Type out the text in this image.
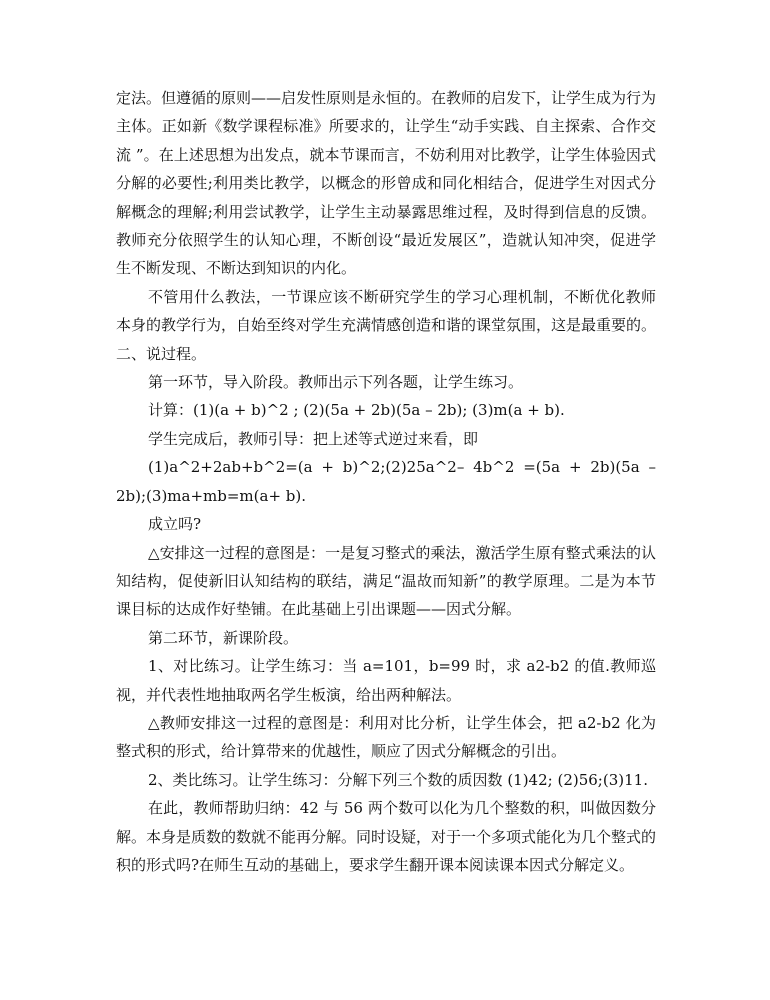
定法。但遵循的原则——启发性原则是永恒的。在教师的启发下，让学生成为行为主体。正如新《数学课程标准》所要求的，让学生“动手实践、自主探索、合作交流 ”。在上述思想为出发点，就本节课而言，不妨利用对比教学，让学生体验因式分解的必要性;利用类比教学，以概念的形曾成和同化相结合，促进学生对因式分解概念的理解;利用尝试教学，让学生主动暴露思维过程，及时得到信息的反馈。教师充分依照学生的认知心理，不断创设“最近发展区”，造就认知冲突，促进学生不断发现、不断达到知识的内化。

不管用什么教法，一节课应该不断研究学生的学习心理机制，不断优化教师本身的教学行为，自始至终对学生充满情感创造和谐的课堂氛围，这是最重要的。二、说过程。

第一环节，导入阶段。教师出示下列各题，让学生练习。

计算：(1)(a + b)^2 ; (2)(5a + 2b)(5a – 2b); (3)m(a + b).

学生完成后，教师引导：把上述等式逆过来看，即

(1)a^2+2ab+b^2=(a + b)^2;(2)25a^2– 4b^2 =(5a + 2b)(5a – 2b);(3)ma+mb=m(a+ b).

成立吗?

△安排这一过程的意图是：一是复习整式的乘法，激活学生原有整式乘法的认知结构，促使新旧认知结构的联结，满足“温故而知新”的教学原理。二是为本节课目标的达成作好垫铺。在此基础上引出课题——因式分解。

第二环节，新课阶段。

1、对比练习。让学生练习：当 a=101，b=99 时，求 a2-b2 的值.教师巡视，并代表性地抽取两名学生板演，给出两种解法。

△教师安排这一过程的意图是：利用对比分析，让学生体会，把 a2-b2 化为整式积的形式，给计算带来的优越性，顺应了因式分解概念的引出。

2、类比练习。让学生练习：分解下列三个数的质因数 (1)42; (2)56;(3)11.

在此，教师帮助归纳：42 与 56 两个数可以化为几个整数的积，叫做因数分解。本身是质数的数就不能再分解。同时设疑，对于一个多项式能化为几个整式的积的形式吗?在师生互动的基础上，要求学生翻开课本阅读课本因式分解定义。
